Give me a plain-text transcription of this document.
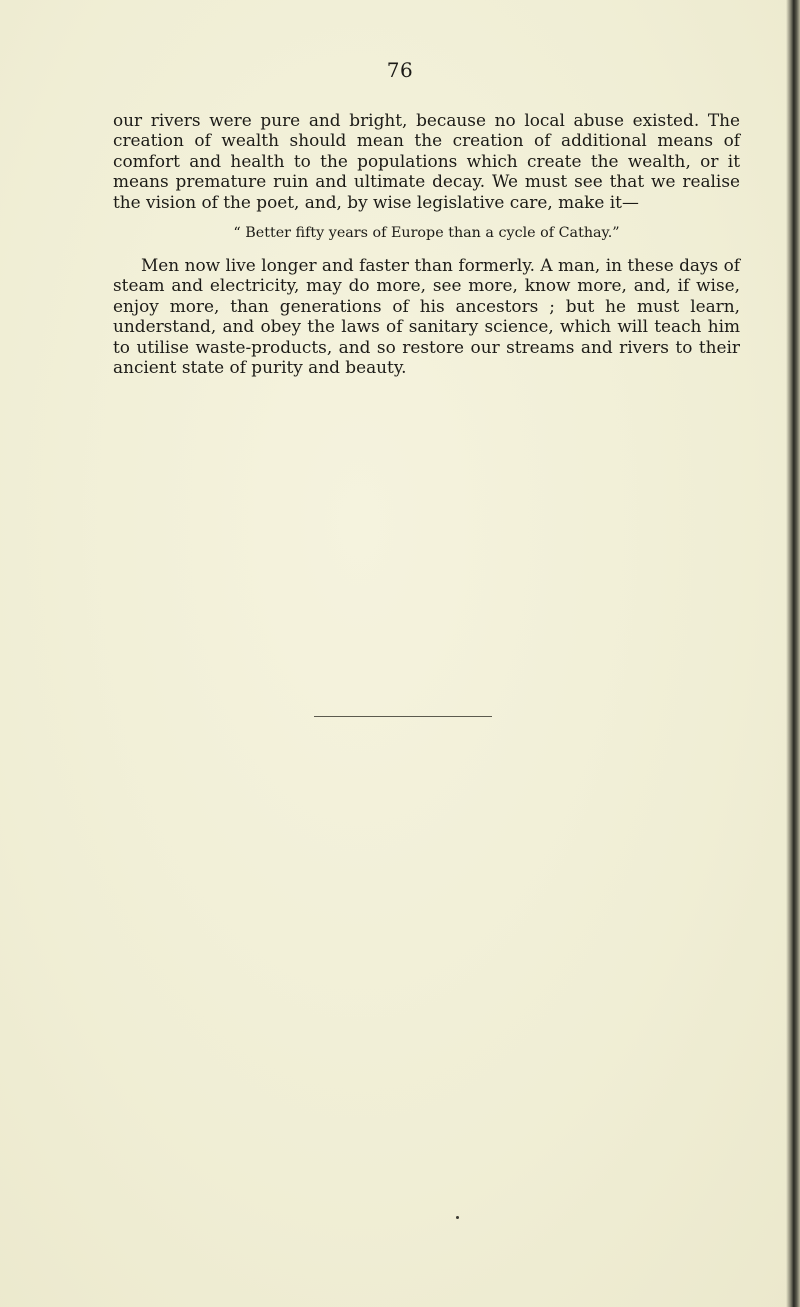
76

our rivers were pure and bright, because no local abuse existed. The creation of wealth should mean the creation of additional means of comfort and health to the populations which create the wealth, or it means premature ruin and ultimate decay. We must see that we realise the vision of the poet, and, by wise legislative care, make it—

“ Better fifty years of Europe than a cycle of Cathay.”

Men now live longer and faster than formerly. A man, in these days of steam and electricity, may do more, see more, know more, and, if wise, enjoy more, than generations of his ancestors ; but he must learn, understand, and obey the laws of sanitary science, which will teach him to utilise waste-products, and so restore our streams and rivers to their ancient state of purity and beauty.
